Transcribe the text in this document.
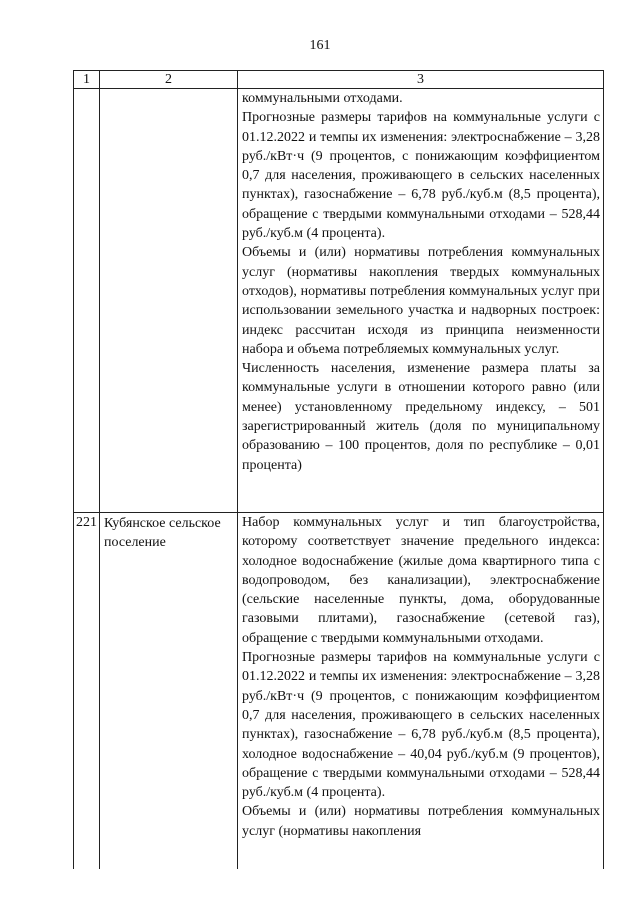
161
1	2	3

		коммунальными отходами.

Прогнозные размеры тарифов на коммунальные услуги с 01.12.2022 и темпы их изменения: электроснабжение – 3,28 руб./кВт·ч (9 процентов, с понижающим коэффициентом 0,7 для населения, проживающего в сельских населенных пунктах), газоснабжение – 6,78 руб./куб.м (8,5 процента), обращение с твердыми коммунальными отходами – 528,44 руб./куб.м (4 процента).

Объемы и (или) нормативы потребления коммунальных услуг (нормативы накопления твердых коммунальных отходов), нормативы потребления коммунальных услуг при использовании земельного участка и надворных построек: индекс рассчитан исходя из принципа неизменности набора и объема потребляемых коммунальных услуг.

Численность населения, изменение размера платы за коммунальные услуги в отношении которого равно (или менее) установленному предельному индексу, – 501 зарегистрированный житель (доля по муниципальному образованию – 100 процентов, доля по республике – 0,01 процента)

221	Кубянское сельское поселение	Набор коммунальных услуг и тип благоустройства, которому соответствует значение предельного индекса: холодное водоснабжение (жилые дома квартирного типа с водопроводом, без канализации), электроснабжение (сельские населенные пункты, дома, оборудованные газовыми плитами), газоснабжение (сетевой газ), обращение с твердыми коммунальными отходами.

Прогнозные размеры тарифов на коммунальные услуги с 01.12.2022 и темпы их изменения: электроснабжение – 3,28 руб./кВт·ч (9 процентов, с понижающим коэффициентом 0,7 для населения, проживающего в сельских населенных пунктах), газоснабжение – 6,78 руб./куб.м (8,5 процента), холодное водоснабжение – 40,04 руб./куб.м (9 процентов), обращение с твердыми коммунальными отходами – 528,44 руб./куб.м (4 процента).

Объемы и (или) нормативы потребления коммунальных услуг (нормативы накопления
